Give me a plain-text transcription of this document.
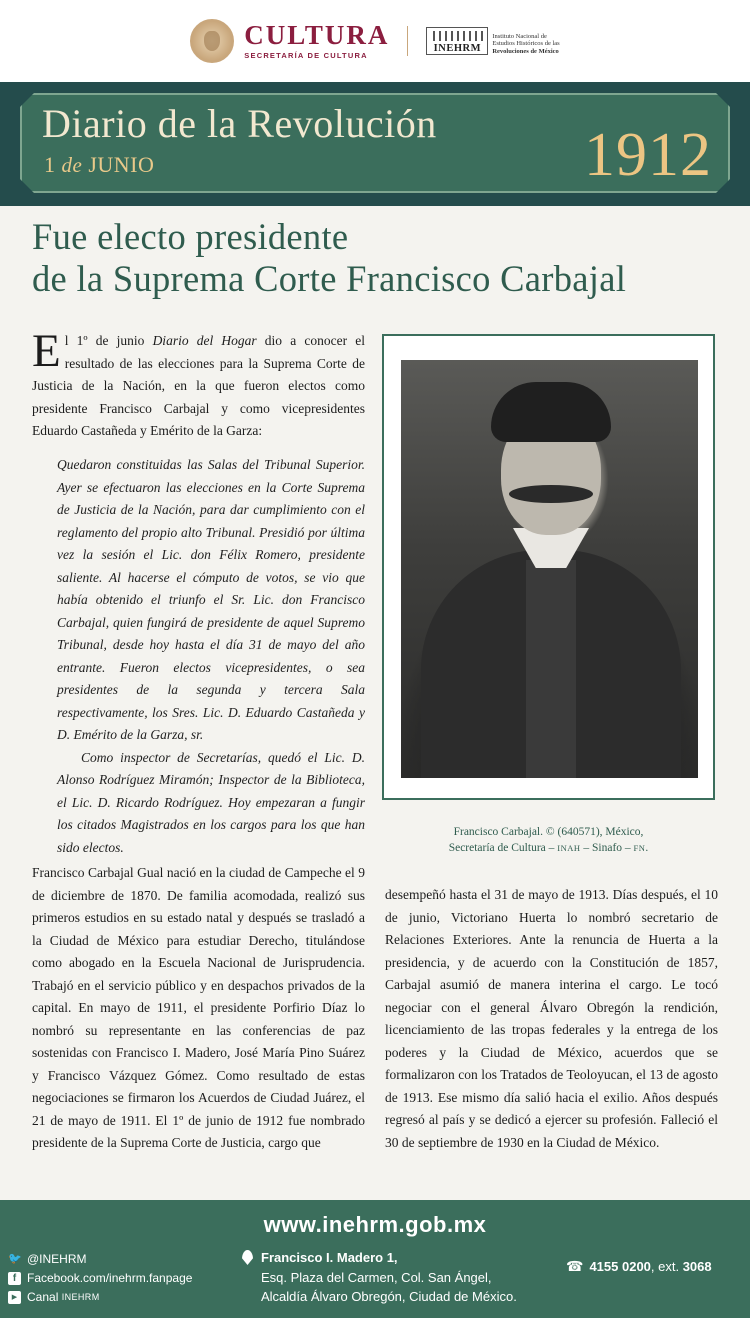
CULTURA
SECRETARÍA DE CULTURA
INEHRM
Instituto Nacional de
Estudios Históricos de las
Revoluciones de México
Diario de la Revolución
1 de JUNIO	1912
Fue electo presidente
de la Suprema Corte Francisco Carbajal

El 1º de junio Diario del Hogar dio a conocer el resultado de las elecciones para la Suprema Corte de Justicia de la Nación, en la que fueron electos como presidente Francisco Carbajal y como vicepresidentes Eduardo Castañeda y Emérito de la Garza:

Quedaron constituidas las Salas del Tribunal Superior. Ayer se efectuaron las elecciones en la Corte Suprema de Justicia de la Nación, para dar cumplimiento con el reglamento del propio alto Tribunal. Presidió por última vez la sesión el Lic. don Félix Romero, presidente saliente. Al hacerse el cómputo de votos, se vio que había obtenido el triunfo el Sr. Lic. don Francisco Carbajal, quien fungirá de presidente de aquel Supremo Tribunal, desde hoy hasta el día 31 de mayo del año entrante. Fueron electos vicepresidentes, o sea presidentes de la segunda y tercera Sala respectivamente, los Sres. Lic. D. Eduardo Castañeda y D. Emérito de la Garza, sr.

Como inspector de Secretarías, quedó el Lic. D. Alonso Rodríguez Miramón; Inspector de la Biblioteca, el Lic. D. Ricardo Rodríguez. Hoy empezaran a fungir los citados Magistrados en los cargos para los que han sido electos.

Francisco Carbajal. © (640571), México,
Secretaría de Cultura – INAH – Sinafo – FN.

Francisco Carbajal Gual nació en la ciudad de Campeche el 9 de diciembre de 1870. De familia acomodada, realizó sus primeros estudios en su estado natal y después se trasladó a la Ciudad de México para estudiar Derecho, titulándose como abogado en la Escuela Nacional de Jurisprudencia. Trabajó en el servicio público y en despachos privados de la capital. En mayo de 1911, el presidente Porfirio Díaz lo nombró su representante en las conferencias de paz sostenidas con Francisco I. Madero, José María Pino Suárez y Francisco Vázquez Gómez. Como resultado de estas negociaciones se firmaron los Acuerdos de Ciudad Juárez, el 21 de mayo de 1911. El 1º de junio de 1912 fue nombrado presidente de la Suprema Corte de Justicia, cargo que

desempeñó hasta el 31 de mayo de 1913. Días después, el 10 de junio, Victoriano Huerta lo nombró secretario de Relaciones Exteriores. Ante la renuncia de Huerta a la presidencia, y de acuerdo con la Constitución de 1857, Carbajal asumió de manera interina el cargo. Le tocó negociar con el general Álvaro Obregón la rendición, licenciamiento de las tropas federales y la entrega de los poderes y la Ciudad de México, acuerdos que se formalizaron con los Tratados de Teoloyucan, el 13 de agosto de 1913. Ese mismo día salió hacia el exilio. Años después regresó al país y se dedicó a ejercer su profesión. Falleció el 30 de septiembre de 1930 en la Ciudad de México.

www.inehrm.gob.mx
🐦 @INEHRM
f Facebook.com/inehrm.fanpage
▶ Canal
INEHRM
Francisco I. Madero 1,
Esq. Plaza del Carmen, Col. San Ángel,
Alcaldía Álvaro Obregón, Ciudad de México.
☎ 4155 0200 , ext. 3068
